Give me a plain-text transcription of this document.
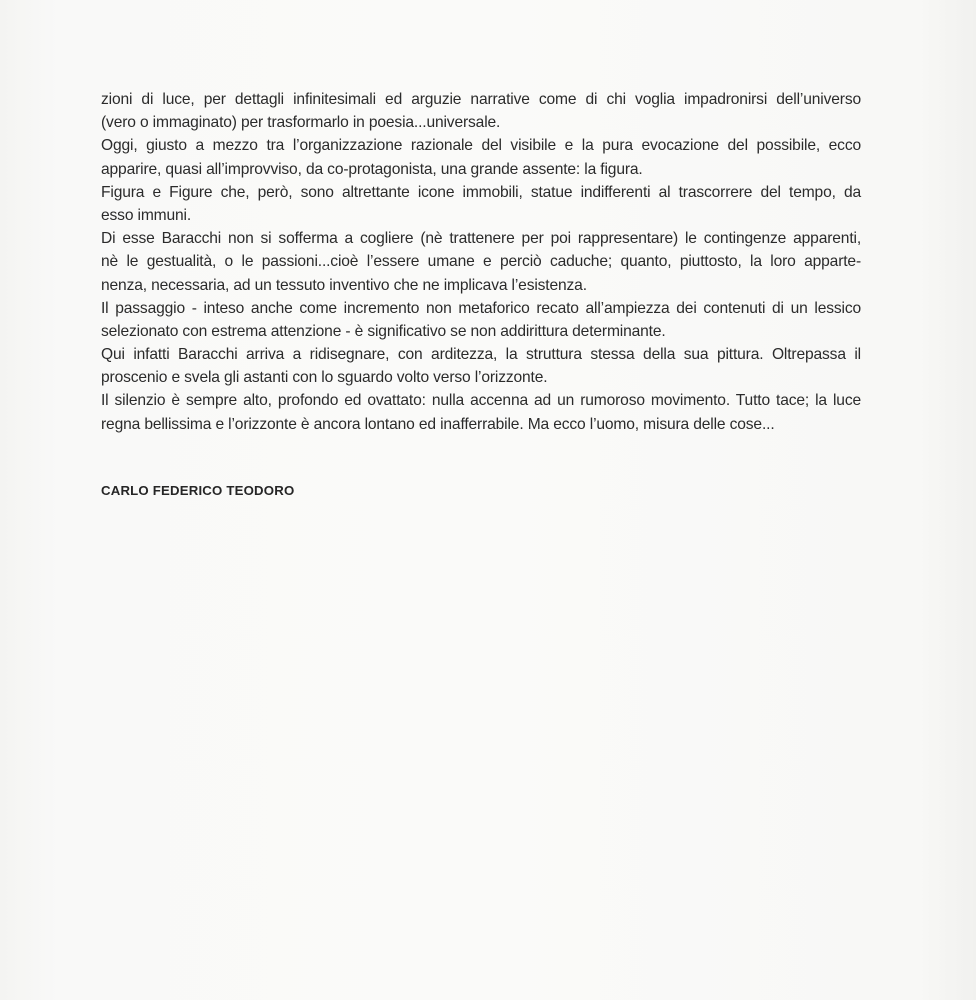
zioni di luce, per dettagli infinitesimali ed arguzie narrative come di chi voglia impadronirsi dell’universo
(vero o immaginato) per trasformarlo in poesia...universale.
Oggi, giusto a mezzo tra l’organizzazione razionale del visibile e la pura evocazione del possibile, ecco
apparire, quasi all’improvviso, da co-protagonista, una grande assente: la figura.
Figura e Figure che, però, sono altrettante icone immobili, statue indifferenti al trascorrere del tempo, da
esso immuni.
Di esse Baracchi non si sofferma a cogliere (nè trattenere per poi rappresentare) le contingenze apparenti,
nè le gestualità, o le passioni...cioè l’essere umane e perciò caduche; quanto, piuttosto, la loro apparte-
nenza, necessaria, ad un tessuto inventivo che ne implicava l’esistenza.
Il passaggio - inteso anche come incremento non metaforico recato all’ampiezza dei contenuti di un lessico
selezionato con estrema attenzione - è significativo se non addirittura determinante.
Qui infatti Baracchi arriva a ridisegnare, con arditezza, la struttura stessa della sua pittura. Oltrepassa il
proscenio e svela gli astanti con lo sguardo volto verso l’orizzonte.
Il silenzio è sempre alto, profondo ed ovattato: nulla accenna ad un rumoroso movimento. Tutto tace; la luce
regna bellissima e l’orizzonte è ancora lontano ed inafferrabile. Ma ecco l’uomo, misura delle cose...
CARLO FEDERICO TEODORO
